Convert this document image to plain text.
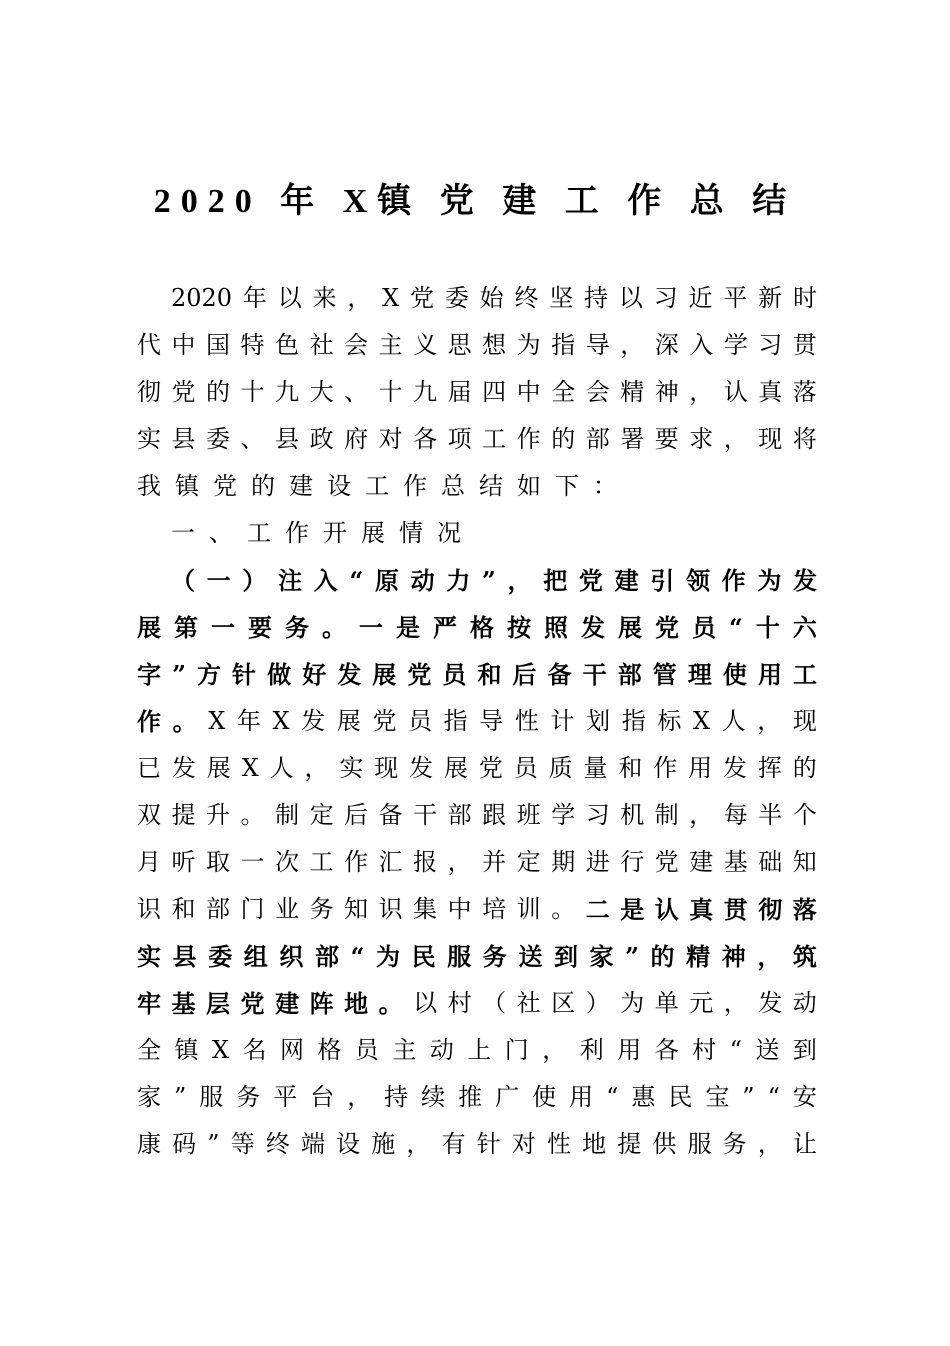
2020 年 X镇 党 建 工 作 总 结
2020 年 以 来 ， X 党 委 始 终 坚 持 以 习 近 平 新 时
代 中 国 特 色 社 会 主 义 思 想 为 指 导 ， 深 入 学 习 贯
彻 党 的 十 九 大 、 十 九 届 四 中 全 会 精 神 ， 认 真 落
实 县 委 、 县 政 府 对 各 项 工 作 的 部 署 要 求 ， 现 将
我 镇 党 的 建 设 工 作 总 结 如 下 ：
一 、 工 作 开 展 情 况
（ 一 ） 注 入 “ 原 动 力 ” ， 把 党 建 引 领 作 为 发
展 第 一 要 务 。 一 是 严 格 按 照 发 展 党 员 “ 十 六
字 ” 方 针 做 好 发 展 党 员 和 后 备 干 部 管 理 使 用 工
作 。 X 年 X 发 展 党 员 指 导 性 计 划 指 标 X 人 ， 现
已 发 展 X 人 ， 实 现 发 展 党 员 质 量 和 作 用 发 挥 的
双 提 升 。 制 定 后 备 干 部 跟 班 学 习 机 制 ， 每 半 个
月 听 取 一 次 工 作 汇 报 ， 并 定 期 进 行 党 建 基 础 知
识 和 部 门 业 务 知 识 集 中 培 训 。 二 是 认 真 贯 彻 落
实 县 委 组 织 部 “ 为 民 服 务 送 到 家 ” 的 精 神 ， 筑
牢 基 层 党 建 阵 地 。 以 村 （ 社 区 ） 为 单 元 ， 发 动
全 镇 X 名 网 格 员 主 动 上 门 ， 利 用 各 村 “ 送 到
家 ” 服 务 平 台 ， 持 续 推 广 使 用 “ 惠 民 宝 ” “ 安
康 码 ” 等 终 端 设 施 ， 有 针 对 性 地 提 供 服 务 ， 让
